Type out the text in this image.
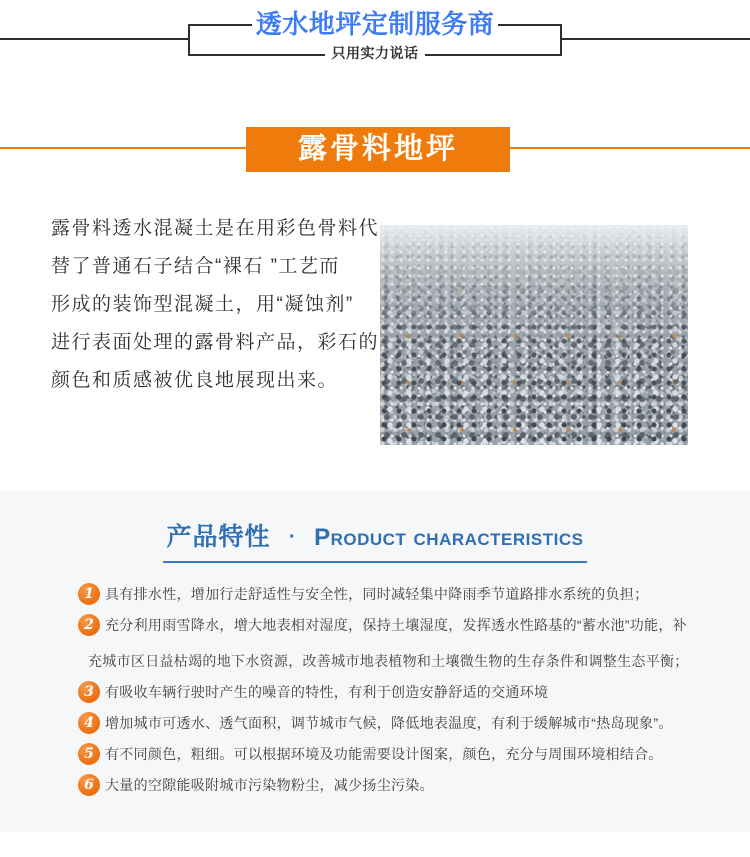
透水地坪定制服务商
只用实力说话
露骨料地坪
露骨料透水混凝土是在用彩色骨料代
替了普通石子结合“裸石 ”工艺而
形成的装饰型混凝土，用“凝蚀剂”
进行表面处理的露骨料产品，彩石的
颜色和质感被优良地展现出来。
产品特性 · Product characteristics
1 具有排水性，增加行走舒适性与安全性，同时减轻集中降雨季节道路排水系统的负担；
2 充分利用雨雪降水，增大地表相对湿度，保持土壤湿度，发挥透水性路基的“蓄水池”功能，补
充城市区日益枯竭的地下水资源，改善城市地表植物和土壤微生物的生存条件和调整生态平衡；
3 有吸收车辆行驶时产生的噪音的特性，有利于创造安静舒适的交通环境
4 增加城市可透水、透气面积，调节城市气候，降低地表温度，有利于缓解城市“热岛现象”。
5 有不同颜色，粗细。可以根据环境及功能需要设计图案，颜色，充分与周围环境相结合。
6 大量的空隙能吸附城市污染物粉尘，减少扬尘污染。
